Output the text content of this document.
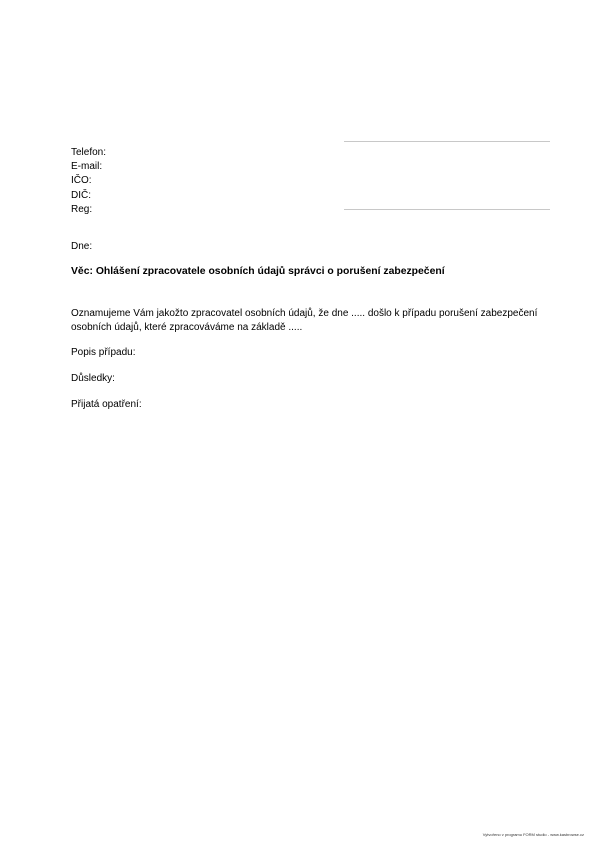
Telefon:
E-mail:
IČO:
DIČ:
Reg:
Dne:
Věc: Ohlášení zpracovatele osobních údajů správci o porušení zabezpečení
Oznamujeme Vám jakožto zpracovatel osobních údajů, že dne ..... došlo k případu porušení zabezpečení osobních údajů, které zpracováváme na základě .....
Popis případu:
Důsledky:
Přijatá opatření:
Vytvořeno v programu FORM studio - www.kasbrowse.cz
